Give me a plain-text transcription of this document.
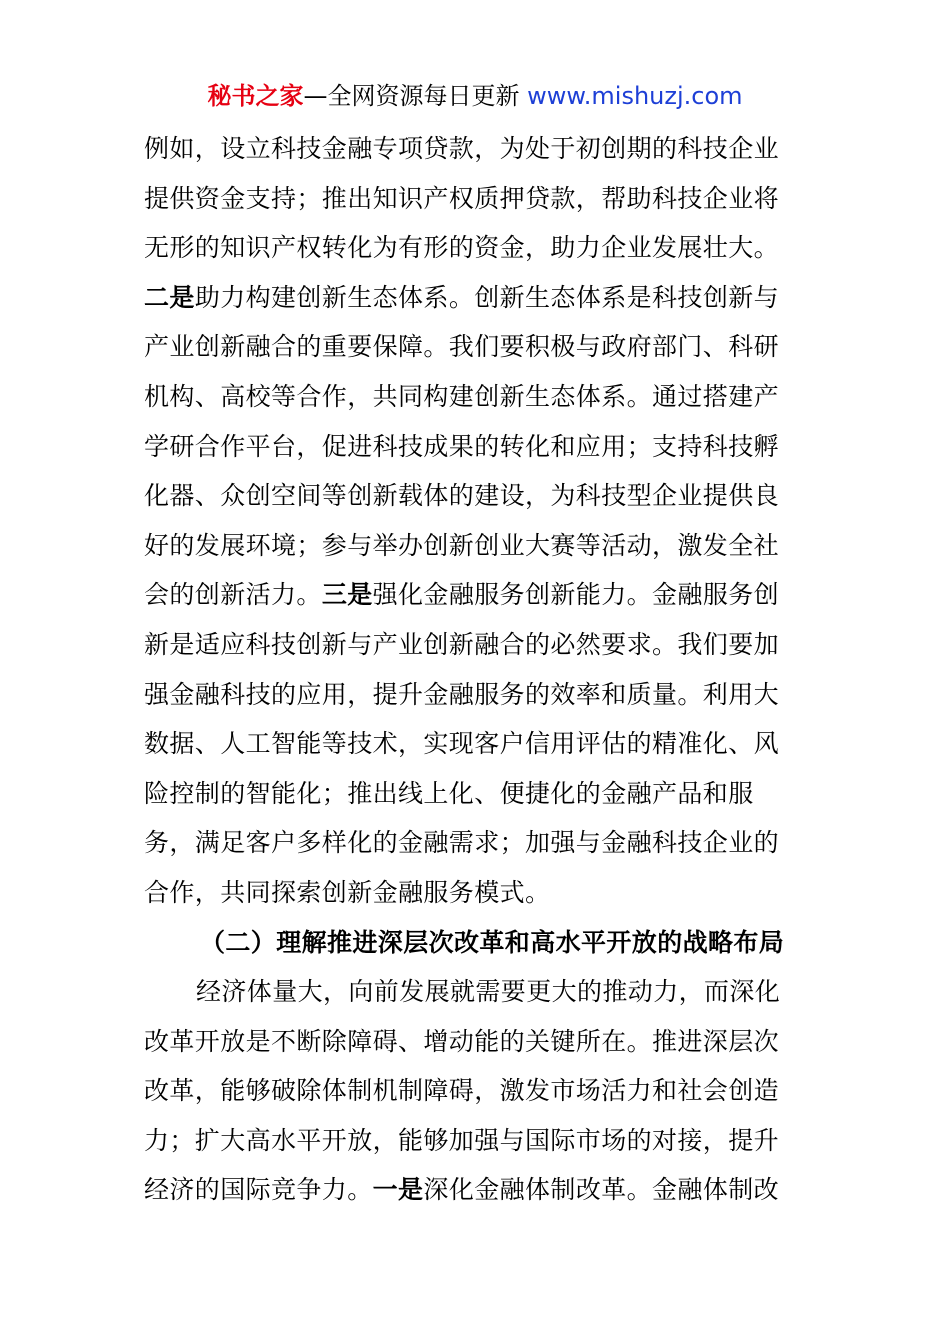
秘书之家—全网资源每日更新 www.mishuzj.com
例如，设立科技金融专项贷款，为处于初创期的科技企业
提供资金支持；推出知识产权质押贷款，帮助科技企业将
无形的知识产权转化为有形的资金，助力企业发展壮大。
二是助力构建创新生态体系。创新生态体系是科技创新与
产业创新融合的重要保障。我们要积极与政府部门、科研
机构、高校等合作，共同构建创新生态体系。通过搭建产
学研合作平台，促进科技成果的转化和应用；支持科技孵
化器、众创空间等创新载体的建设，为科技型企业提供良
好的发展环境；参与举办创新创业大赛等活动，激发全社
会的创新活力。三是强化金融服务创新能力。金融服务创
新是适应科技创新与产业创新融合的必然要求。我们要加
强金融科技的应用，提升金融服务的效率和质量。利用大
数据、人工智能等技术，实现客户信用评估的精准化、风
险控制的智能化；推出线上化、便捷化的金融产品和服
务，满足客户多样化的金融需求；加强与金融科技企业的
合作，共同探索创新金融服务模式。
（二）理解推进深层次改革和高水平开放的战略布局
经济体量大，向前发展就需要更大的推动力，而深化
改革开放是不断除障碍、增动能的关键所在。推进深层次
改革，能够破除体制机制障碍，激发市场活力和社会创造
力；扩大高水平开放，能够加强与国际市场的对接，提升
经济的国际竞争力。一是深化金融体制改革。金融体制改
